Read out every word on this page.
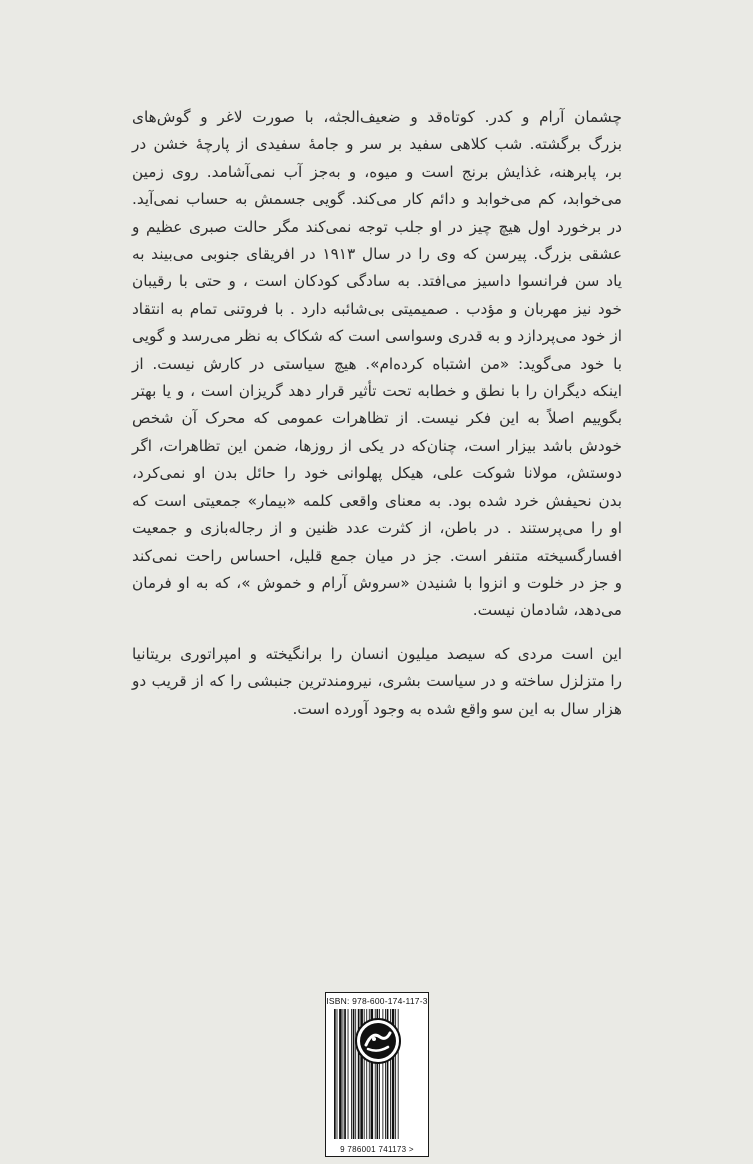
چشمان آرام و کدر. کوتاه‌قد و ضعیف‌الجثه، با صورت لاغر و گوش‌های
بزرگ برگشته. شب کلاهی سفید بر سر و جامهٔ سفیدی از پارچهٔ خشن در
بر، پابرهنه، غذایش برنج است و میوه، و به‌جز آب نمی‌آشامد. روی زمین
می‌خوابد، کم می‌خوابد و دائم کار می‌کند. گویی جسمش به حساب نمی‌آید.
در برخورد اول هیچ چیز در او جلب توجه نمی‌کند مگر حالت صبری عظیم و
عشقی بزرگ. پیرسن که وی را در سال ۱۹۱۳ در افریقای جنوبی می‌بیند به
یاد سن فرانسوا داسیز می‌افتد. به سادگی کودکان است ، و حتی با رقیبان
خود نیز مهربان و مؤدب . صمیمیتی بی‌شائبه دارد . با فروتنی تمام به انتقاد
از خود می‌پردازد و به قدری وسواسی است که شکاک به نظر می‌رسد و گویی
با خود می‌گوید: «من اشتباه کرده‌ام». هیچ سیاستی در کارش نیست. از
اینکه دیگران را با نطق و خطابه تحت تأثیر قرار دهد گریزان است ، و یا بهتر
بگوییم اصلاً به این فکر نیست. از تظاهرات عمومی که محرک آن شخص
خودش باشد بیزار است، چنان‌که در یکی از روزها، ضمن این تظاهرات، اگر
دوستش، مولانا شوکت علی، هیکل پهلوانی خود را حائل بدن او نمی‌کرد،
بدن نحیفش خرد شده بود. به معنای واقعی کلمه «بیمار» جمعیتی است که
او را می‌پرستند . در باطن، از کثرت عدد ظنین و از رجاله‌بازی و جمعیت
افسارگسیخته متنفر است. جز در میان جمع قلیل، احساس راحت نمی‌کند
و جز در خلوت و انزوا با شنیدن «سروش آرام و خموش »، که به او فرمان
می‌دهد، شادمان نیست.
این است مردی که سیصد میلیون انسان را برانگیخته و امپراتوری بریتانیا
را متزلزل ساخته و در سیاست بشری، نیرومندترین جنبشی را که از قریب دو
هزار سال به این سو واقع شده به وجود آورده است.
ISBN: 978-600-174-117-3
9 786001 741173 >
